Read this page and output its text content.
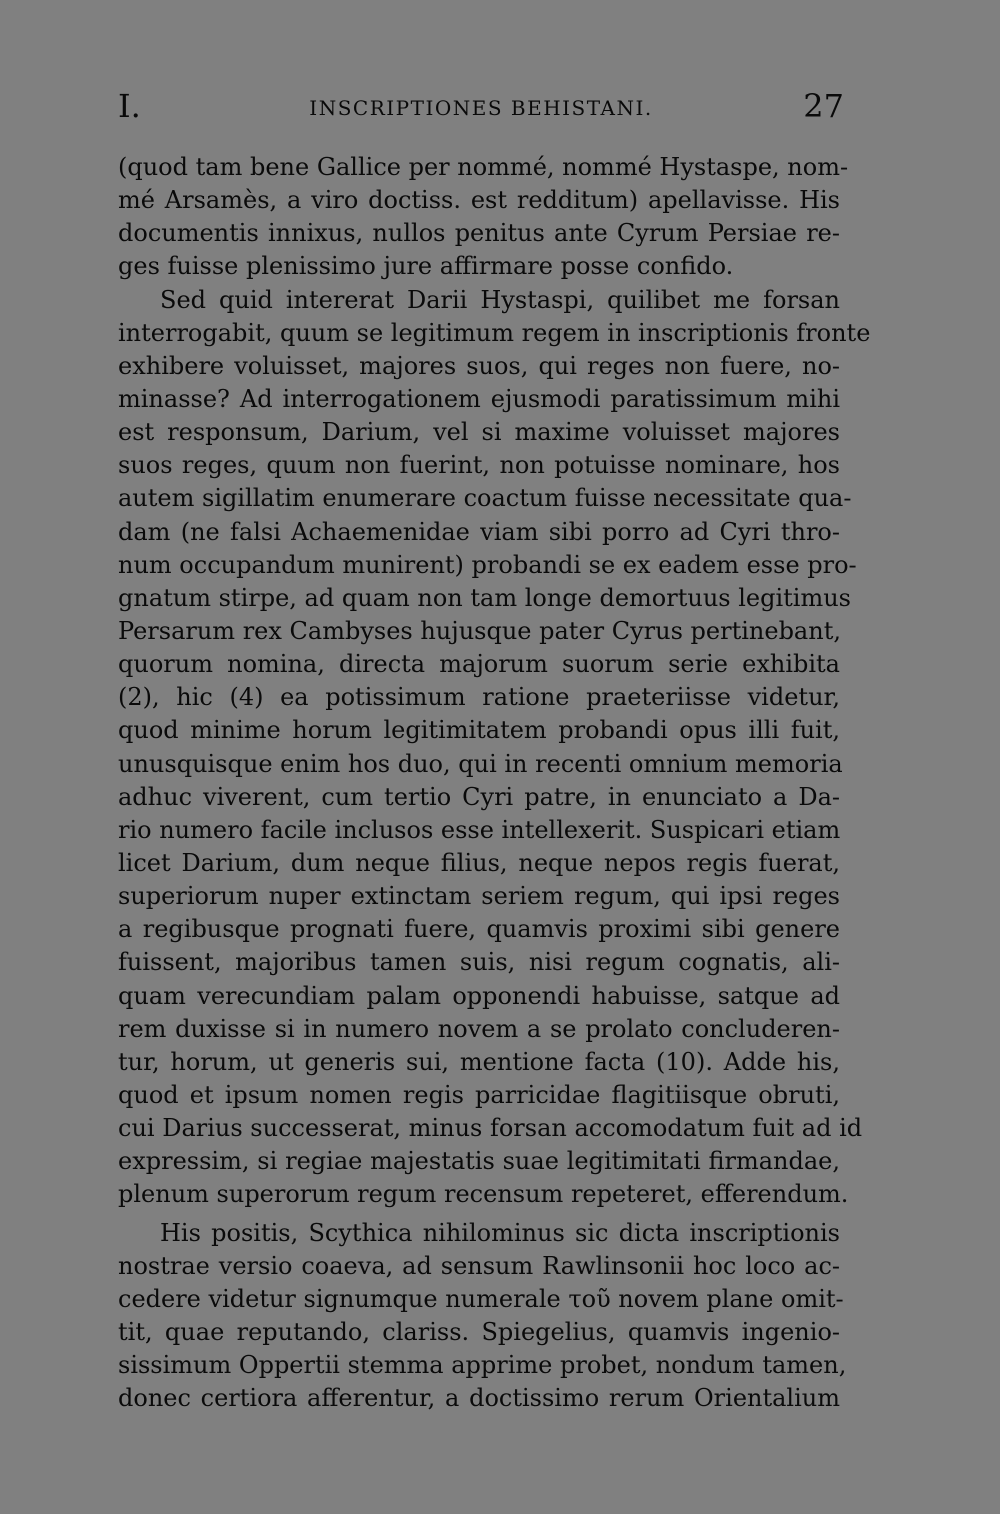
I.	INSCRIPTIONES BEHISTANI.	27
(quod tam bene Gallice per nommé, nommé Hystaspe, nom-
mé Arsamès, a viro doctiss. est redditum) apellavisse. His
documentis innixus, nullos penitus ante Cyrum Persiae re-
ges fuisse plenissimo jure affirmare posse confido.
Sed quid intererat Darii Hystaspi, quilibet me forsan
interrogabit, quum se legitimum regem in inscriptionis fronte
exhibere voluisset, majores suos, qui reges non fuere, no-
minasse? Ad interrogationem ejusmodi paratissimum mihi
est responsum, Darium, vel si maxime voluisset majores
suos reges, quum non fuerint, non potuisse nominare, hos
autem sigillatim enumerare coactum fuisse necessitate qua-
dam (ne falsi Achaemenidae viam sibi porro ad Cyri thro-
num occupandum munirent) probandi se ex eadem esse pro-
gnatum stirpe, ad quam non tam longe demortuus legitimus
Persarum rex Cambyses hujusque pater Cyrus pertinebant,
quorum nomina, directa majorum suorum serie exhibita
(2), hic (4) ea potissimum ratione praeteriisse videtur,
quod minime horum legitimitatem probandi opus illi fuit,
unusquisque enim hos duo, qui in recenti omnium memoria
adhuc viverent, cum tertio Cyri patre, in enunciato a Da-
rio numero facile inclusos esse intellexerit. Suspicari etiam
licet Darium, dum neque filius, neque nepos regis fuerat,
superiorum nuper extinctam seriem regum, qui ipsi reges
a regibusque prognati fuere, quamvis proximi sibi genere
fuissent, majoribus tamen suis, nisi regum cognatis, ali-
quam verecundiam palam opponendi habuisse, satque ad
rem duxisse si in numero novem a se prolato concluderen-
tur, horum, ut generis sui, mentione facta (10). Adde his,
quod et ipsum nomen regis parricidae flagitiisque obruti,
cui Darius successerat, minus forsan accomodatum fuit ad id
expressim, si regiae majestatis suae legitimitati firmandae,
plenum superorum regum recensum repeteret, efferendum.
His positis, Scythica nihilominus sic dicta inscriptionis
nostrae versio coaeva, ad sensum Rawlinsonii hoc loco ac-
cedere videtur signumque numerale τοῦ novem plane omit-
tit, quae reputando, clariss. Spiegelius, quamvis ingenio-
sissimum Oppertii stemma apprime probet, nondum tamen,
donec certiora afferentur, a doctissimo rerum Orientalium
